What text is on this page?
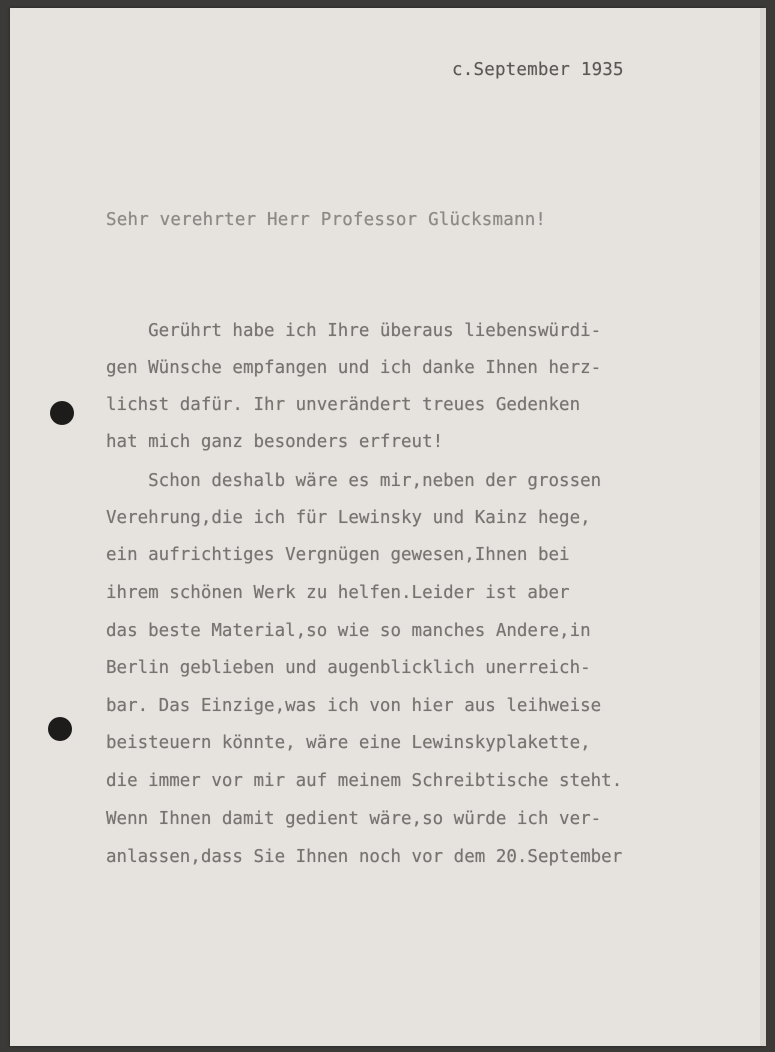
c.September 1935
Sehr verehrter Herr Professor Glücksmann!
Gerührt habe ich Ihre überaus liebenswürdi-
gen Wünsche empfangen und ich danke Ihnen herz-
lichst dafür. Ihr unverändert treues Gedenken
hat mich ganz besonders erfreut!
Schon deshalb wäre es mir,neben der grossen
Verehrung,die ich für Lewinsky und Kainz hege,
ein aufrichtiges Vergnügen gewesen,Ihnen bei
ihrem schönen Werk zu helfen.Leider ist aber
das beste Material,so wie so manches Andere,in
Berlin geblieben und augenblicklich unerreich-
bar. Das Einzige,was ich von hier aus leihweise
beisteuern könnte, wäre eine Lewinskyplakette,
die immer vor mir auf meinem Schreibtische steht.
Wenn Ihnen damit gedient wäre,so würde ich ver-
anlassen,dass Sie Ihnen noch vor dem 20.September
